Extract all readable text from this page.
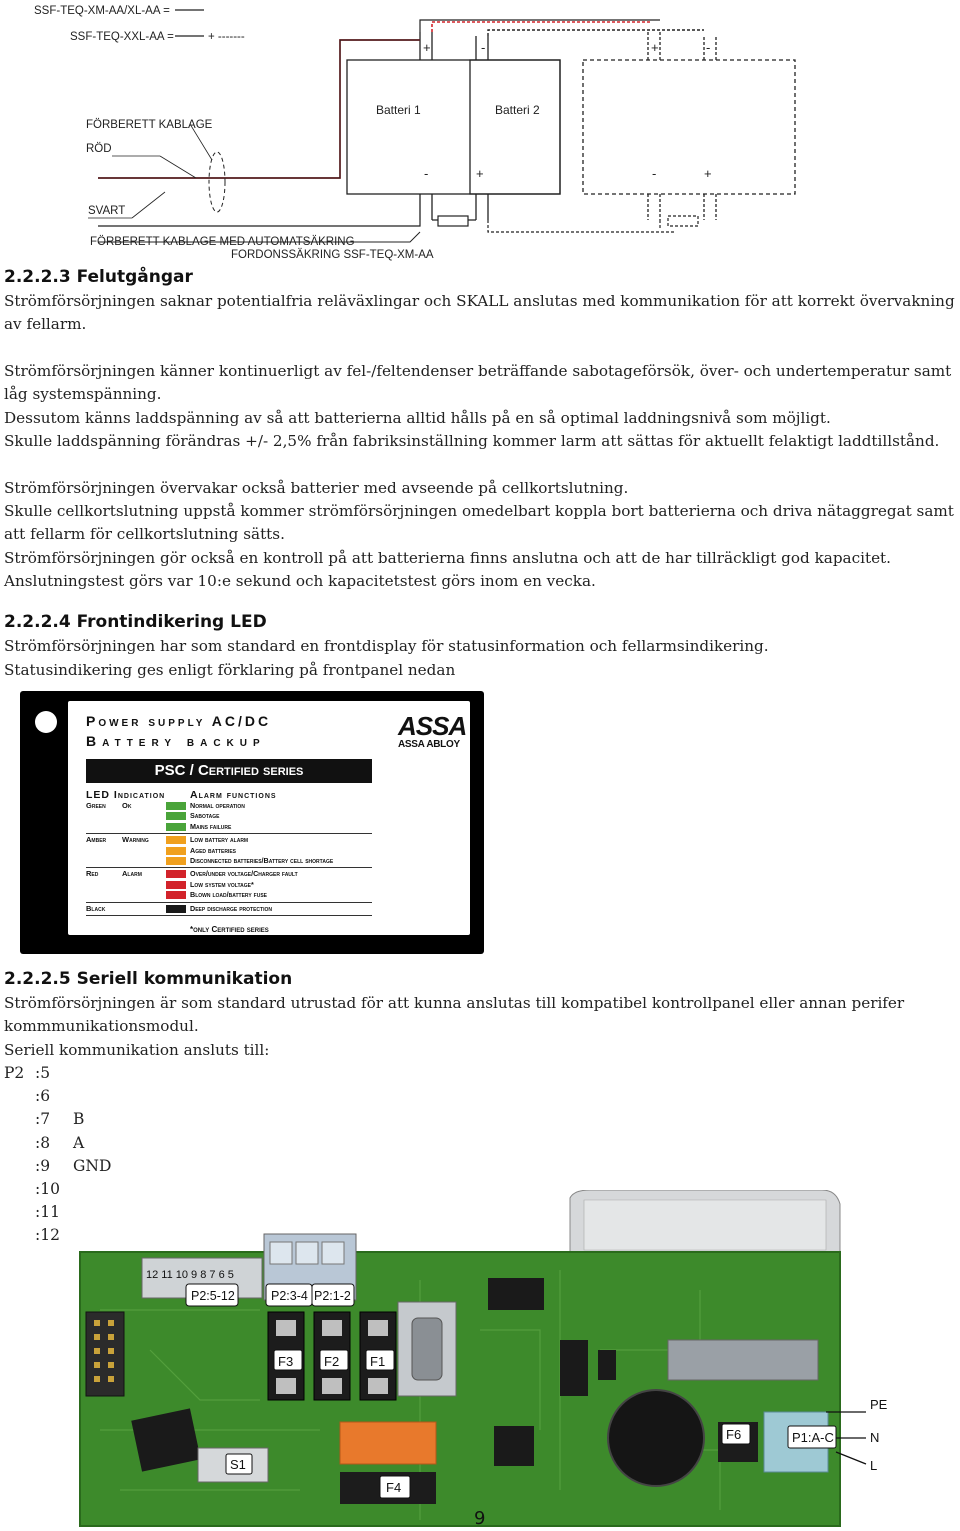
SSF-TEQ-XM-AA/XL-AA =
SSF-TEQ-XXL-AA =	+ -------
Batteri 1	Batteri 2
+	-	+	-
-	+	-	+
FÖRBERETT KABLAGE
RÖD
SVART
FÖRBERETT KABLAGE MED AUTOMATSÄKRING
FORDONSSÄKRING SSF-TEQ-XM-AA
2.2.2.3 Felutgångar

Strömförsörjningen saknar potentialfria reläväxlingar och SKALL anslutas med kommunikation för att korrekt övervakning av fellarm.

Strömförsörjningen känner kontinuerligt av fel-/feltendenser beträffande sabotageförsök, över- och undertemperatur samt låg systemspänning.

Dessutom känns laddspänning av så att batterierna alltid hålls på en så optimal laddningsnivå som möjligt.

Skulle laddspänning förändras +/- 2,5% från fabriksinställning kommer larm att sättas för aktuellt felaktigt laddtillstånd.

Strömförsörjningen övervakar också batterier med avseende på cellkortslutning.

Skulle cellkortslutning uppstå kommer strömförsörjningen omedelbart koppla bort batterierna och driva nätaggregat samt att fellarm för cellkortslutning sätts.

Strömförsörjningen gör också en kontroll på att batterierna finns anslutna och att de har tillräckligt god kapacitet. Anslutningstest görs var 10:e sekund och kapacitetstest görs inom en vecka.

2.2.2.4 Frontindikering LED

Strömförsörjningen har som standard en frontdisplay för statusinformation och fellarmsindikering.

Statusindikering ges enligt förklaring på frontpanel nedan

Power supply AC/DC
Battery backup	ASSA
ASSA ABLOY
PSC / Certified series
LED Indication Alarm functions
Green Ok	Normal operation
Sabotage
Mains failure
Amber Warning	Low battery alarm
Aged batteries
Disconnected batteries/Battery cell shortage
Red	Alarm	Over/under voltage/Charger fault
Low system voltage*
Blown load/battery fuse
Black	Deep discharge protection
*only Certified series
2.2.2.5 Seriell kommunikation

Strömförsörjningen är som standard utrustad för att kunna anslutas till kompatibel kontrollpanel eller annan perifer kommmunikationsmodul.

Seriell kommunikation ansluts till:

P2 :5
:6
:7 B
:8 A
:9 GND
:10
:11
:12
12 11 10 9 8 7 6 5
P2:5-12	P2:3-4 P2:1-2
F3 F2 F1
S1
F4
F6	P1:A-C
PE
N
L
9
